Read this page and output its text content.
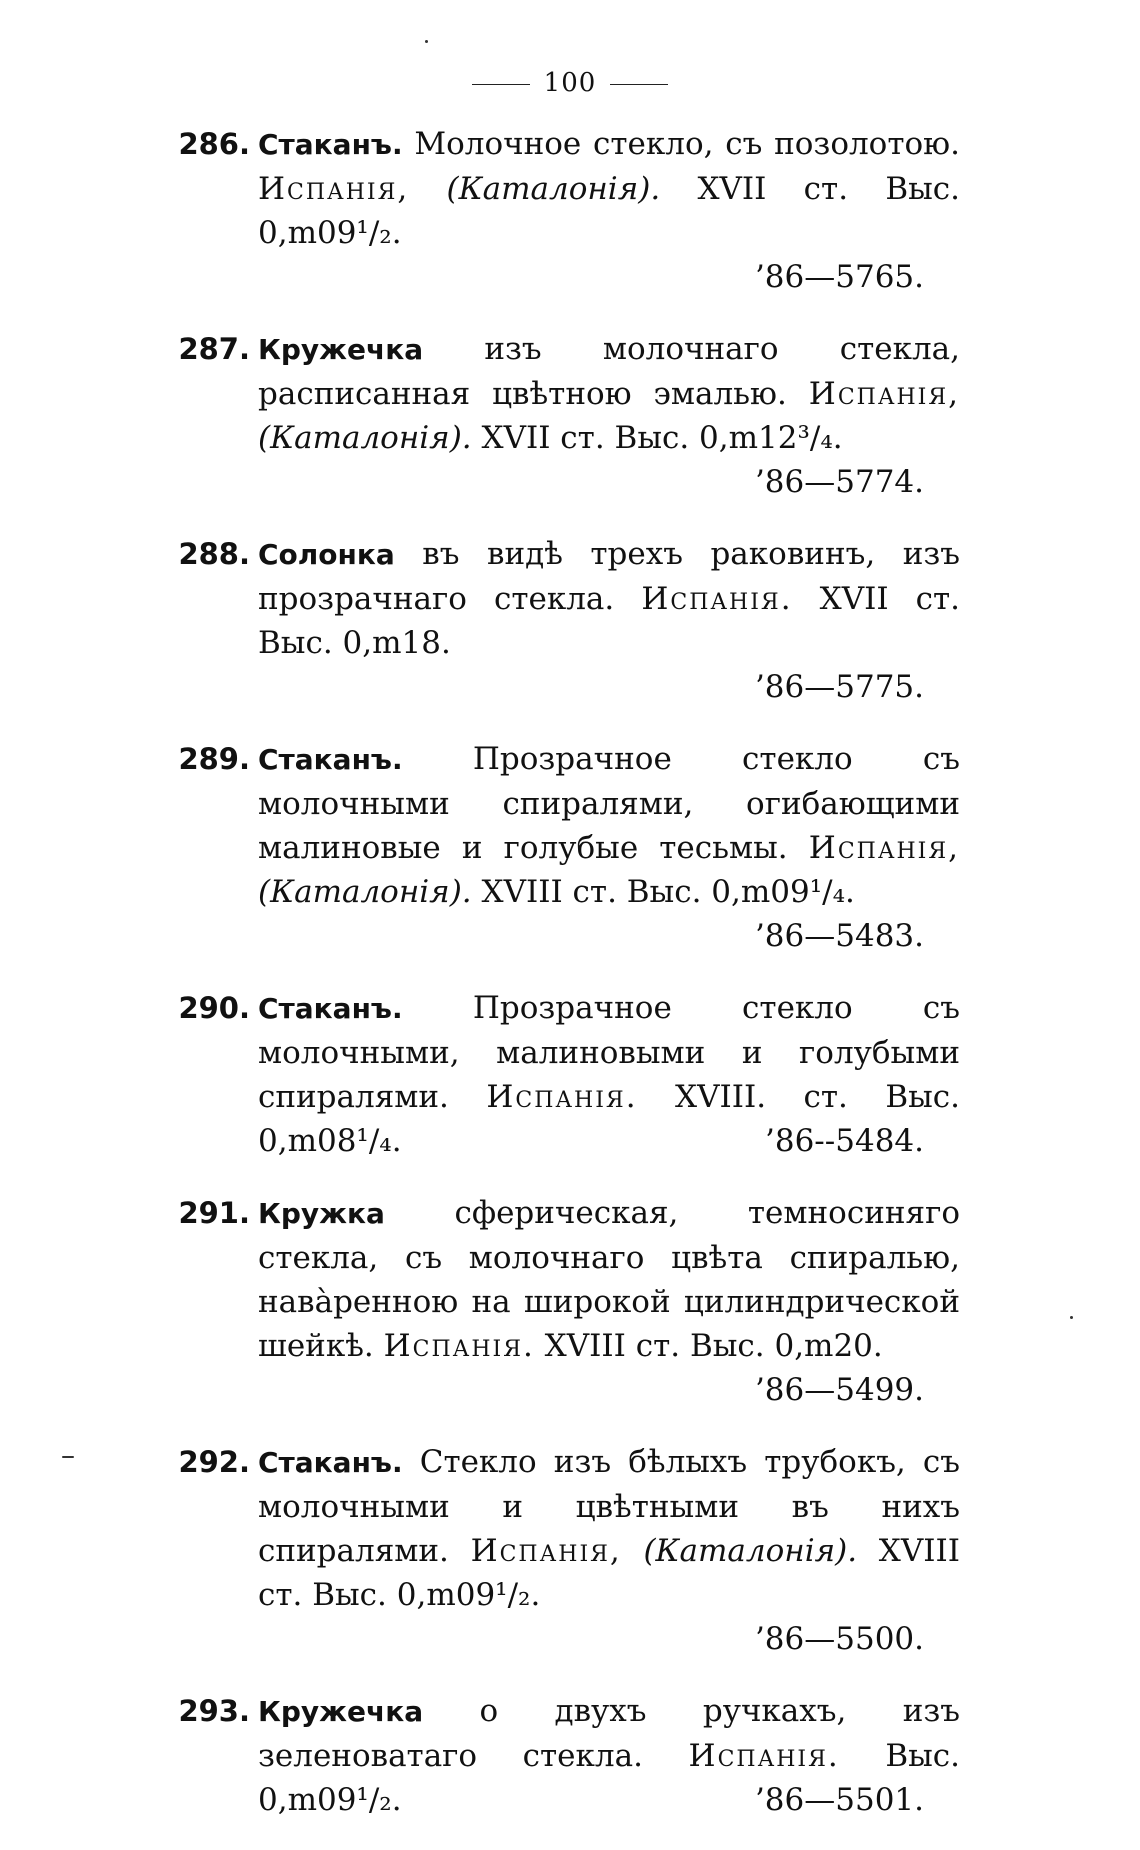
100
286. Стаканъ. Молочное стекло, съ позолотою. Испанія, (Каталонія). XVII ст. Выс. 0,m09¹/₂.
’86—5765.
287. Кружечка изъ молочнаго стекла, расписанная цвѣтною эмалью. Испанія, (Каталонія). XVII ст. Выс. 0,m12³/₄.
’86—5774.
288. Солонка въ видѣ трехъ раковинъ, изъ прозрачнаго стекла. Испанія. XVII ст. Выс. 0,m18.
’86—5775.
289. Стаканъ. Прозрачное стекло съ молочными спиралями, огибающими малиновые и голубые тесьмы. Испанія, (Каталонія). XVIII ст. Выс. 0,m09¹/₄.
’86—5483.
290. Стаканъ. Прозрачное стекло съ молочными, малиновыми и голубыми спиралями. Испанія. XVIII. ст. Выс. 0,m08¹/₄.	’86--5484.
291. Кружка сферическая, темносиняго стекла, съ молочнаго цвѣта спиралью, навàренною на широкой цилиндрической шейкѣ. Испанія. XVIII ст. Выс. 0,m20.
’86—5499.
292. Стаканъ. Стекло изъ бѣлыхъ трубокъ, съ молочными и цвѣтными въ нихъ спиралями. Испанія, (Каталонія). XVIII ст. Выс. 0,m09¹/₂.
’86—5500.
293. Кружечка о двухъ ручкахъ, изъ зеленоватаго стекла. Испанія. Выс. 0,m09¹/₂.	’86—5501.
